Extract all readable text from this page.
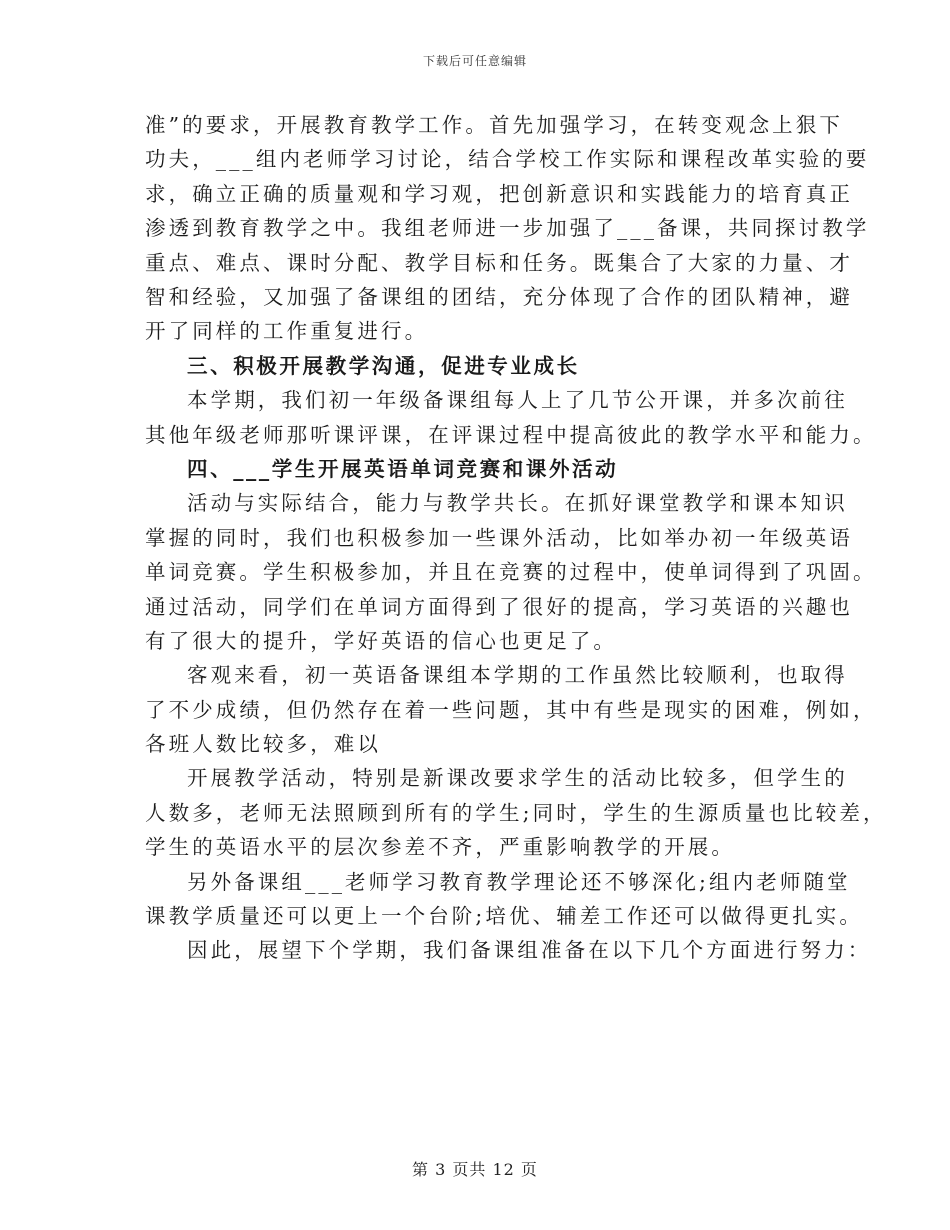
下载后可任意编辑
准”的要求，开展教育教学工作。首先加强学习，在转变观念上狠下
功夫，___组内老师学习讨论，结合学校工作实际和课程改革实验的要
求，确立正确的质量观和学习观，把创新意识和实践能力的培育真正
渗透到教育教学之中。我组老师进一步加强了___备课，共同探讨教学
重点、难点、课时分配、教学目标和任务。既集合了大家的力量、才
智和经验，又加强了备课组的团结，充分体现了合作的团队精神，避
开了同样的工作重复进行。
三、积极开展教学沟通，促进专业成长
本学期，我们初一年级备课组每人上了几节公开课，并多次前往
其他年级老师那听课评课，在评课过程中提高彼此的教学水平和能力。
四、___学生开展英语单词竞赛和课外活动
活动与实际结合，能力与教学共长。在抓好课堂教学和课本知识
掌握的同时，我们也积极参加一些课外活动，比如举办初一年级英语
单词竞赛。学生积极参加，并且在竞赛的过程中，使单词得到了巩固。
通过活动，同学们在单词方面得到了很好的提高，学习英语的兴趣也
有了很大的提升，学好英语的信心也更足了。
客观来看，初一英语备课组本学期的工作虽然比较顺利，也取得
了不少成绩，但仍然存在着一些问题，其中有些是现实的困难，例如，
各班人数比较多，难以
开展教学活动，特别是新课改要求学生的活动比较多，但学生的
人数多，老师无法照顾到所有的学生;同时，学生的生源质量也比较差，
学生的英语水平的层次参差不齐，严重影响教学的开展。
另外备课组___老师学习教育教学理论还不够深化;组内老师随堂
课教学质量还可以更上一个台阶;培优、辅差工作还可以做得更扎实。
因此，展望下个学期，我们备课组准备在以下几个方面进行努力：
第 3 页共 12 页
